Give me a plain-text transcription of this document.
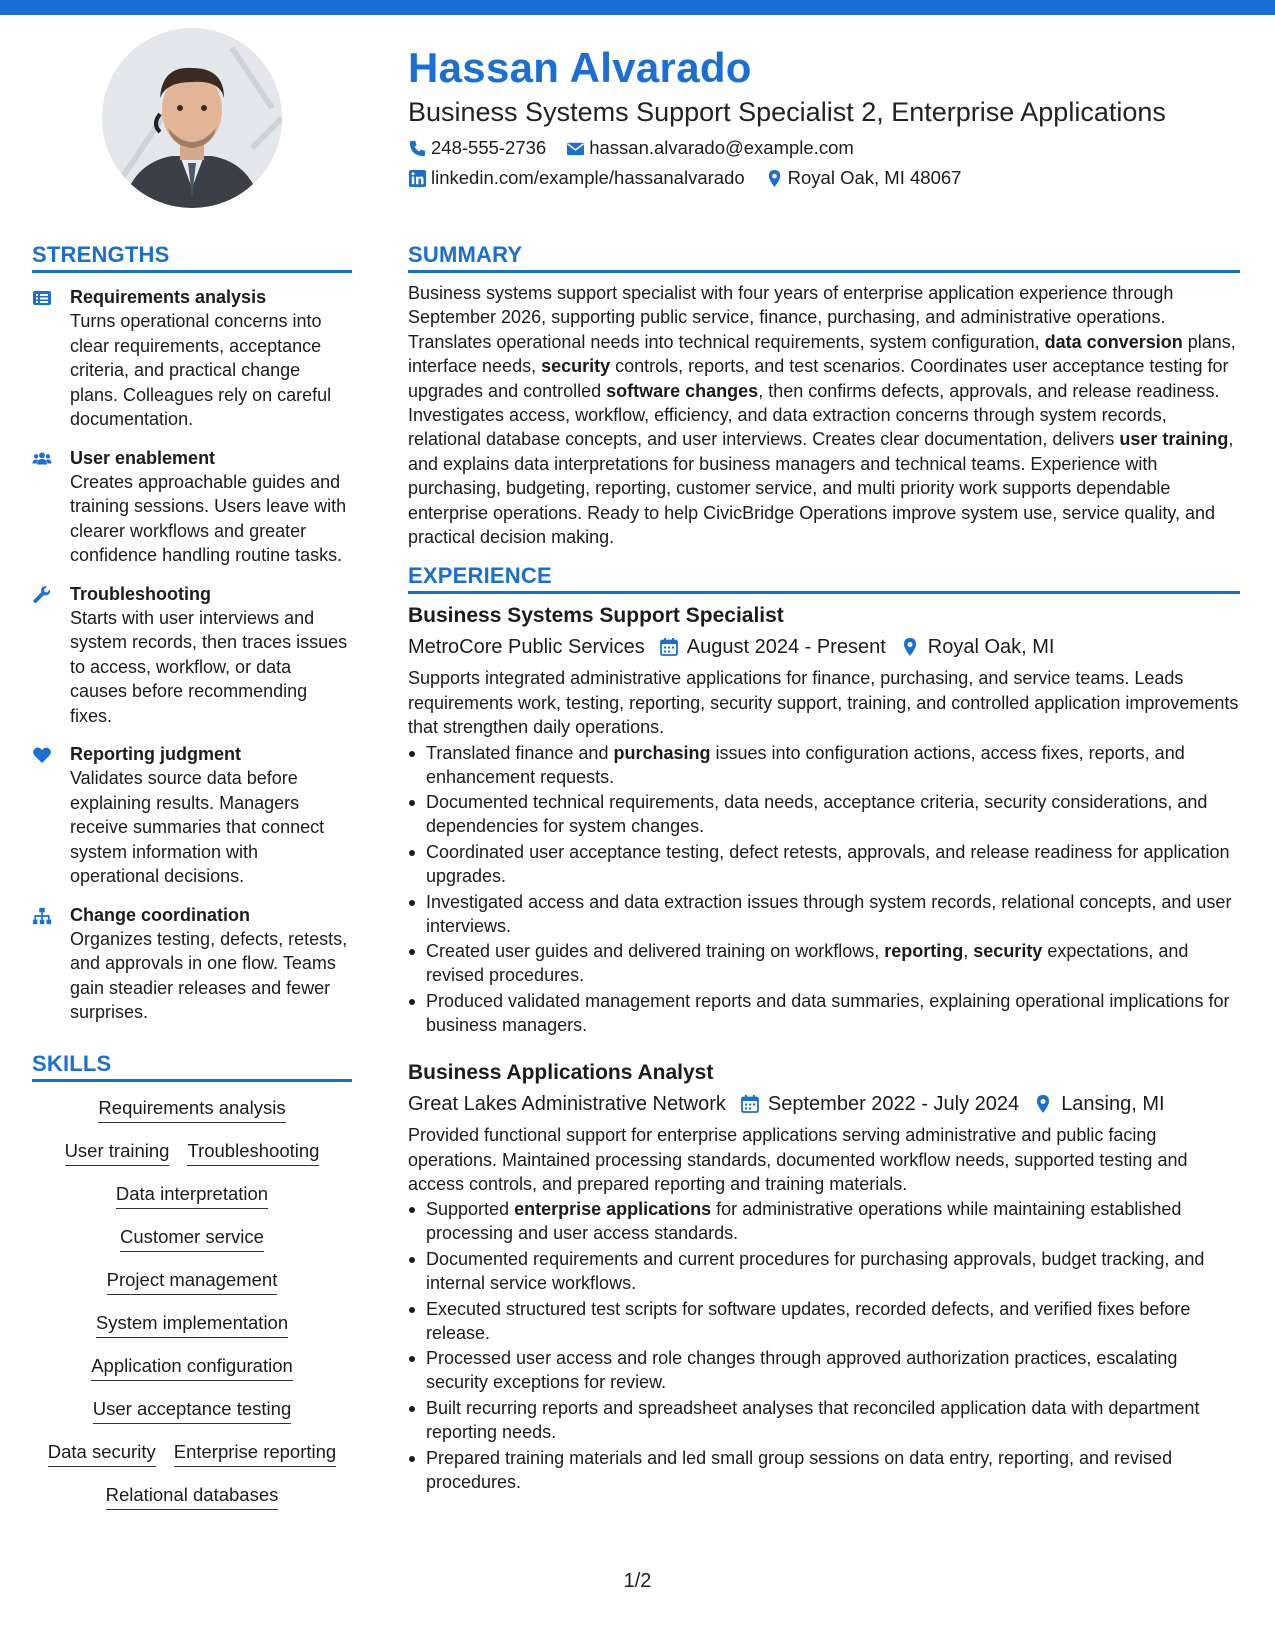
Hassan Alvarado
Business Systems Support Specialist 2, Enterprise Applications
248-555-2736 hassan.alvarado@example.com
linkedin.com/example/hassanalvarado Royal Oak, MI 48067
STRENGTHS
Requirements analysis
Turns operational concerns into clear requirements, acceptance criteria, and practical change plans. Colleagues rely on careful documentation.
User enablement
Creates approachable guides and training sessions. Users leave with clearer workflows and greater confidence handling routine tasks.
Troubleshooting
Starts with user interviews and system records, then traces issues to access, workflow, or data causes before recommending fixes.
Reporting judgment
Validates source data before explaining results. Managers receive summaries that connect system information with operational decisions.
Change coordination
Organizes testing, defects, retests, and approvals in one flow. Teams gain steadier releases and fewer surprises.
SKILLS
Requirements analysis
User training Troubleshooting
Data interpretation
Customer service
Project management
System implementation
Application configuration
User acceptance testing
Data security Enterprise reporting
Relational databases
SUMMARY
Business systems support specialist with four years of enterprise application experience through September 2026, supporting public service, finance, purchasing, and administrative operations. Translates operational needs into technical requirements, system configuration, data conversion plans, interface needs, security controls, reports, and test scenarios. Coordinates user acceptance testing for upgrades and controlled software changes, then confirms defects, approvals, and release readiness. Investigates access, workflow, efficiency, and data extraction concerns through system records, relational database concepts, and user interviews. Creates clear documentation, delivers user training, and explains data interpretations for business managers and technical teams. Experience with purchasing, budgeting, reporting, customer service, and multi priority work supports dependable enterprise operations. Ready to help CivicBridge Operations improve system use, service quality, and practical decision making.
EXPERIENCE
Business Systems Support Specialist
MetroCore Public Services August 2024 - Present Royal Oak, MI
Supports integrated administrative applications for finance, purchasing, and service teams. Leads requirements work, testing, reporting, security support, training, and controlled application improvements that strengthen daily operations.
Translated finance and purchasing issues into configuration actions, access fixes, reports, and enhancement requests.
Documented technical requirements, data needs, acceptance criteria, security considerations, and dependencies for system changes.
Coordinated user acceptance testing, defect retests, approvals, and release readiness for application upgrades.
Investigated access and data extraction issues through system records, relational concepts, and user interviews.
Created user guides and delivered training on workflows, reporting, security expectations, and revised procedures.
Produced validated management reports and data summaries, explaining operational implications for business managers.
Business Applications Analyst
Great Lakes Administrative Network September 2022 - July 2024 Lansing, MI
Provided functional support for enterprise applications serving administrative and public facing operations. Maintained processing standards, documented workflow needs, supported testing and access controls, and prepared reporting and training materials.
Supported enterprise applications for administrative operations while maintaining established processing and user access standards.
Documented requirements and current procedures for purchasing approvals, budget tracking, and internal service workflows.
Executed structured test scripts for software updates, recorded defects, and verified fixes before release.
Processed user access and role changes through approved authorization practices, escalating security exceptions for review.
Built recurring reports and spreadsheet analyses that reconciled application data with department reporting needs.
Prepared training materials and led small group sessions on data entry, reporting, and revised procedures.
1/2
